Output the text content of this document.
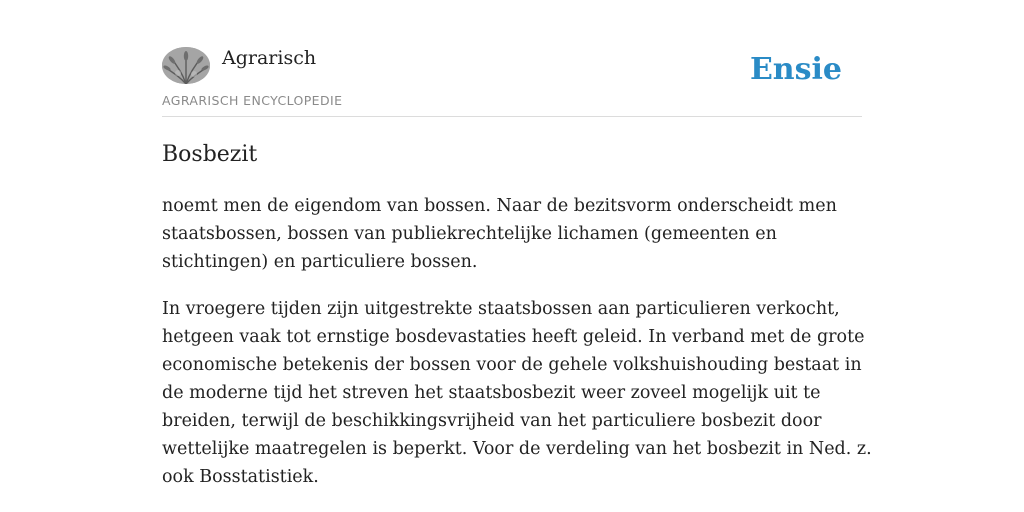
Agrarisch
AGRARISCH ENCYCLOPEDIE
Ensie
Bosbezit

noemt men de eigendom van bossen. Naar de bezitsvorm onderscheidt men staatsbossen, bossen van publiekrechtelijke lichamen (gemeenten en stichtingen) en particuliere bossen.

In vroegere tijden zijn uitgestrekte staatsbossen aan particulieren verkocht, hetgeen vaak tot ernstige bosdevastaties heeft geleid. In verband met de grote economische betekenis der bossen voor de gehele volkshuishouding bestaat in de moderne tijd het streven het staatsbosbezit weer zoveel mogelijk uit te breiden, terwijl de beschikkingsvrijheid van het particuliere bosbezit door wettelijke maatregelen is beperkt. Voor de verdeling van het bosbezit in Ned. z. ook Bosstatistiek.
